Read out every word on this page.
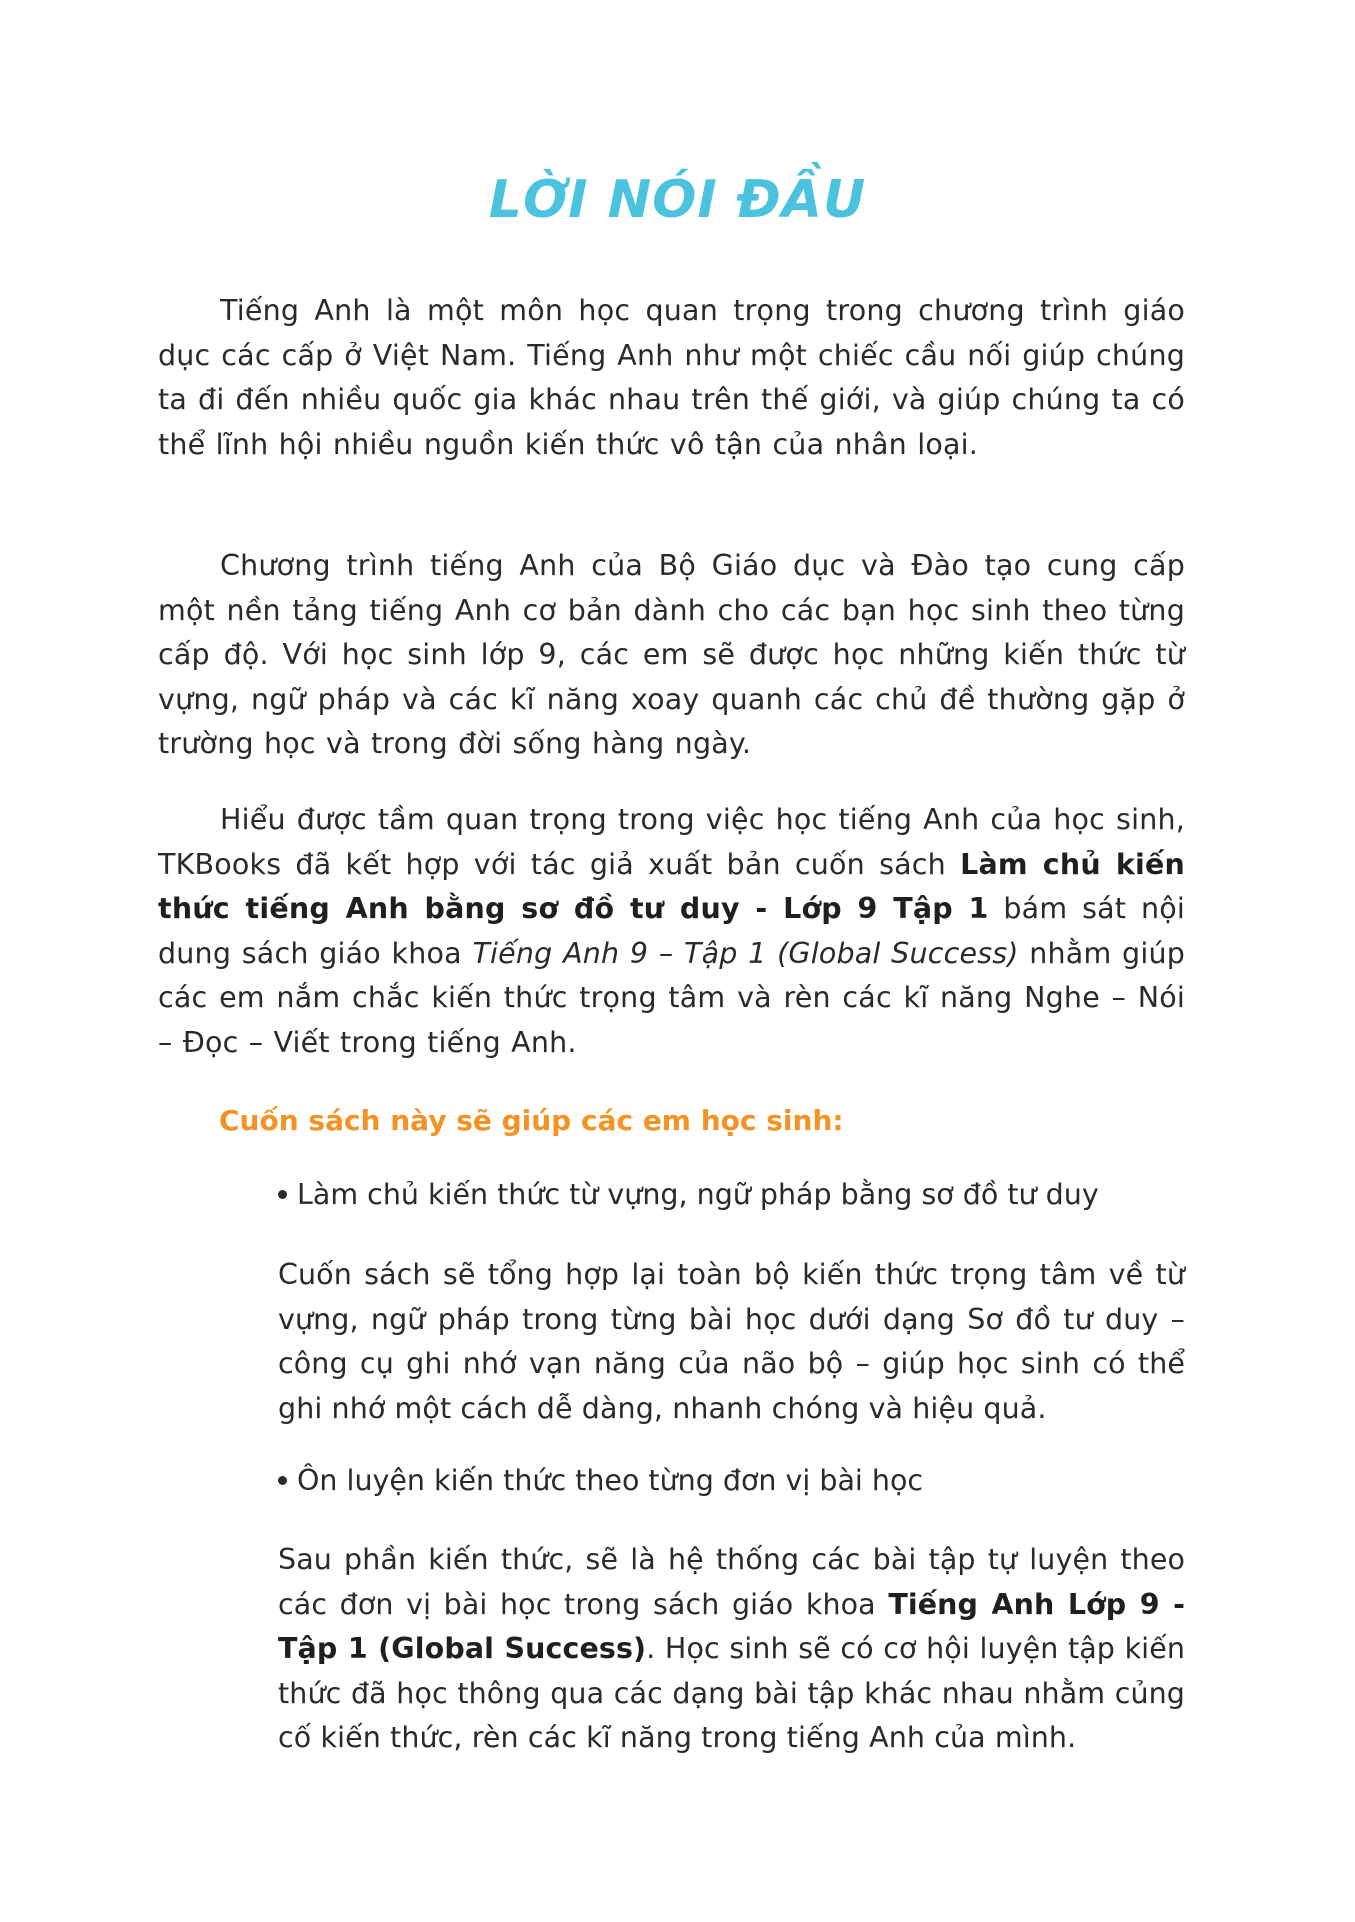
LỜI NÓI ĐẦU

Tiếng Anh là một môn học quan trọng trong chương trình giáo dục các cấp ở Việt Nam. Tiếng Anh như một chiếc cầu nối giúp chúng ta đi đến nhiều quốc gia khác nhau trên thế giới, và giúp chúng ta có thể lĩnh hội nhiều nguồn kiến thức vô tận của nhân loại.

Chương trình tiếng Anh của Bộ Giáo dục và Đào tạo cung cấp một nền tảng tiếng Anh cơ bản dành cho các bạn học sinh theo từng cấp độ. Với học sinh lớp 9, các em sẽ được học những kiến thức từ vựng, ngữ pháp và các kĩ năng xoay quanh các chủ đề thường gặp ở trường học và trong đời sống hàng ngày.

Hiểu được tầm quan trọng trong việc học tiếng Anh của học sinh, TKBooks đã kết hợp với tác giả xuất bản cuốn sách Làm chủ kiến thức tiếng Anh bằng sơ đồ tư duy - Lớp 9 Tập 1 bám sát nội dung sách giáo khoa Tiếng Anh 9 – Tập 1 (Global Success) nhằm giúp các em nắm chắc kiến thức trọng tâm và rèn các kĩ năng Nghe – Nói – Đọc – Viết trong tiếng Anh.

Cuốn sách này sẽ giúp các em học sinh:
Làm chủ kiến thức từ vựng, ngữ pháp bằng sơ đồ tư duy

Cuốn sách sẽ tổng hợp lại toàn bộ kiến thức trọng tâm về từ vựng, ngữ pháp trong từng bài học dưới dạng Sơ đồ tư duy – công cụ ghi nhớ vạn năng của não bộ – giúp học sinh có thể ghi nhớ một cách dễ dàng, nhanh chóng và hiệu quả.

Ôn luyện kiến thức theo từng đơn vị bài học

Sau phần kiến thức, sẽ là hệ thống các bài tập tự luyện theo các đơn vị bài học trong sách giáo khoa Tiếng Anh Lớp 9 - Tập 1 (Global Success). Học sinh sẽ có cơ hội luyện tập kiến thức đã học thông qua các dạng bài tập khác nhau nhằm củng cố kiến thức, rèn các kĩ năng trong tiếng Anh của mình.
